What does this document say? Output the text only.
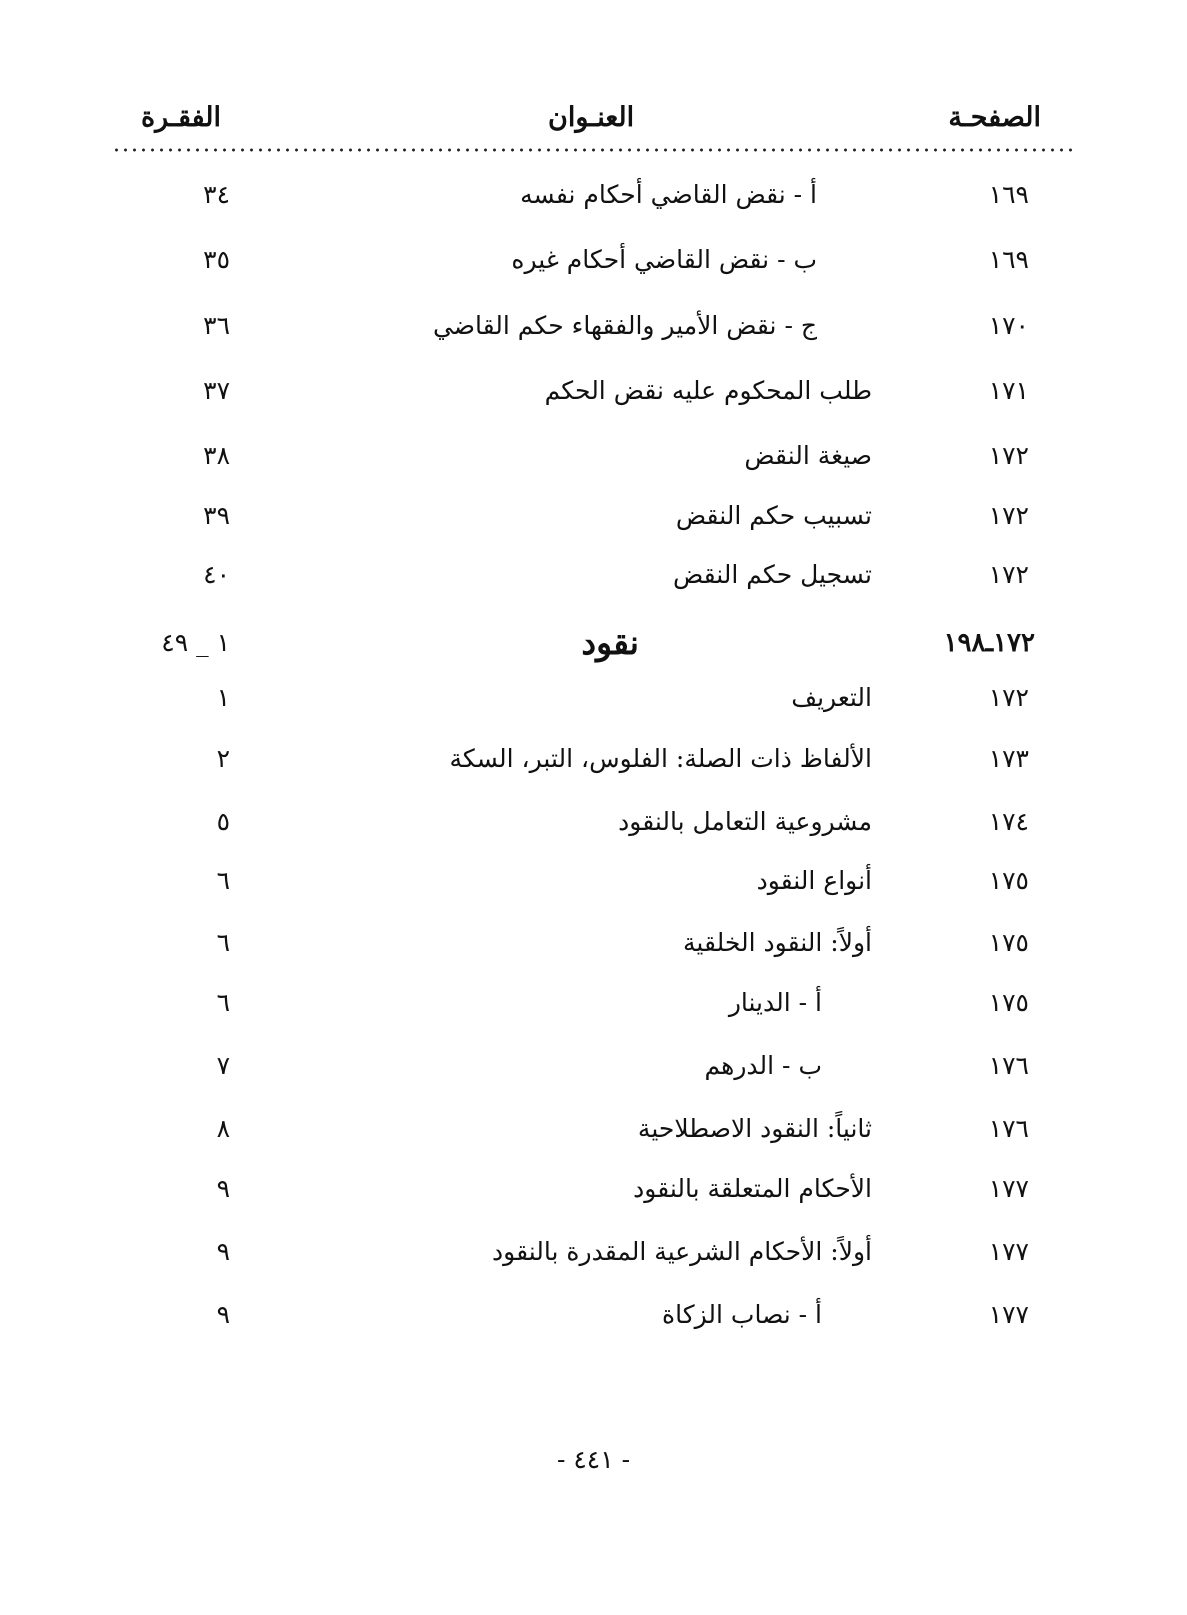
الصفحـة
العنـوان
الفقـرة
١٦٩
أ - نقض القاضي أحكام نفسه
٣٤
١٦٩
ب - نقض القاضي أحكام غيره
٣٥
١٧٠
ج - نقض الأمير والفقهاء حكم القاضي
٣٦
١٧١
طلب المحكوم عليه نقض الحكم
٣٧
١٧٢
صيغة النقض
٣٨
١٧٢
تسبيب حكم النقض
٣٩
١٧٢
تسجيل حكم النقض
٤٠
١٧٢ـ١٩٨
نقود
١ _ ٤٩
١٧٢
التعريف
١
١٧٣
الألفاظ ذات الصلة: الفلوس، التبر، السكة
٢
١٧٤
مشروعية التعامل بالنقود
٥
١٧٥
أنواع النقود
٦
١٧٥
أولاً: النقود الخلقية
٦
١٧٥
أ - الدينار
٦
١٧٦
ب - الدرهم
٧
١٧٦
ثانياً: النقود الاصطلاحية
٨
١٧٧
الأحكام المتعلقة بالنقود
٩
١٧٧
أولاً: الأحكام الشرعية المقدرة بالنقود
٩
١٧٧
أ - نصاب الزكاة
٩
- ٤٤١ -
